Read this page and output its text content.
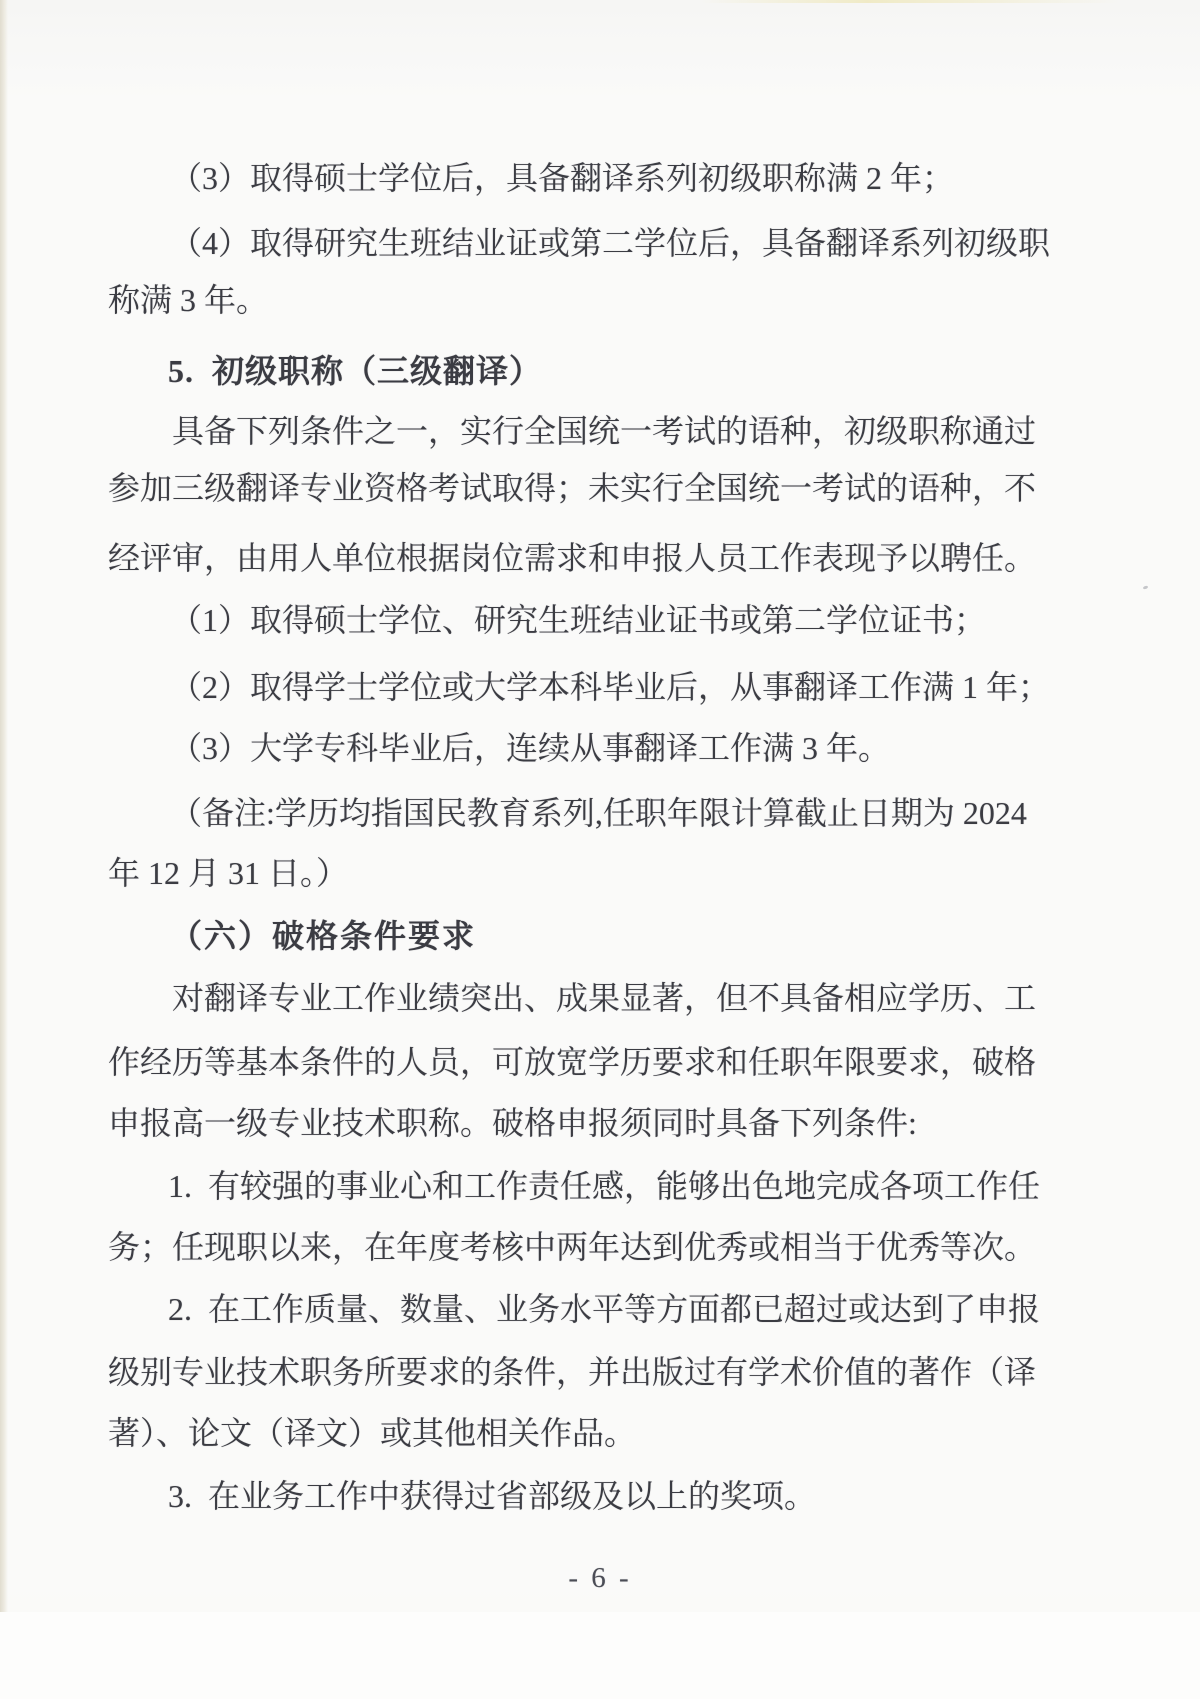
（3）取得硕士学位后，具备翻译系列初级职称满 2 年；
（4）取得研究生班结业证或第二学位后，具备翻译系列初级职
称满 3 年。
5.  初级职称（三级翻译）
具备下列条件之一，实行全国统一考试的语种，初级职称通过
参加三级翻译专业资格考试取得；未实行全国统一考试的语种，不
经评审，由用人单位根据岗位需求和申报人员工作表现予以聘任。
（1）取得硕士学位、研究生班结业证书或第二学位证书；
（2）取得学士学位或大学本科毕业后，从事翻译工作满 1 年；
（3）大学专科毕业后，连续从事翻译工作满 3 年。
（备注:学历均指国民教育系列,任职年限计算截止日期为 2024
年 12 月 31 日。）
（六）破格条件要求
对翻译专业工作业绩突出、成果显著，但不具备相应学历、工
作经历等基本条件的人员，可放宽学历要求和任职年限要求，破格
申报高一级专业技术职称。破格申报须同时具备下列条件:
1.  有较强的事业心和工作责任感，能够出色地完成各项工作任
务；任现职以来，在年度考核中两年达到优秀或相当于优秀等次。
2.  在工作质量、数量、业务水平等方面都已超过或达到了申报
级别专业技术职务所要求的条件，并出版过有学术价值的著作（译
著）、论文（译文）或其他相关作品。
3.  在业务工作中获得过省部级及以上的奖项。
- 6 -
